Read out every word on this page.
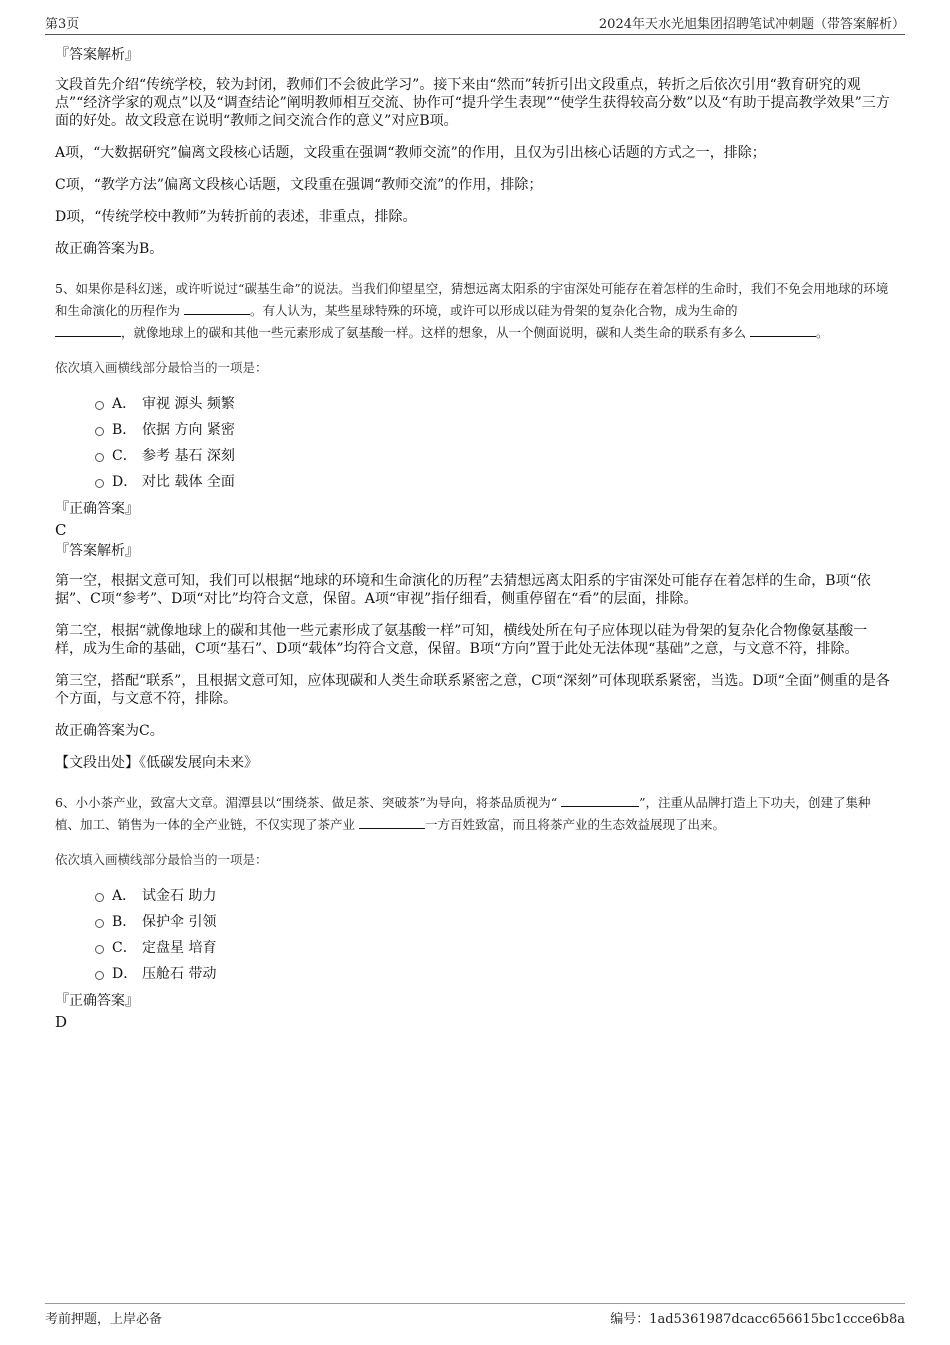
第3页	2024年天水光旭集团招聘笔试冲刺题（带答案解析）
『答案解析』
文段首先介绍“传统学校，较为封闭，教师们不会彼此学习”。接下来由“然而”转折引出文段重点，转折之后依次引用“教育研究的观点”“经济学家的观点”以及“调查结论”阐明教师相互交流、协作可“提升学生表现”“使学生获得较高分数”以及“有助于提高教学效果”三方面的好处。故文段意在说明“教师之间交流合作的意义”对应B项。
A项，“大数据研究”偏离文段核心话题，文段重在强调“教师交流”的作用，且仅为引出核心话题的方式之一，排除；
C项，“教学方法”偏离文段核心话题，文段重在强调“教师交流”的作用，排除；
D项，“传统学校中教师”为转折前的表述，非重点，排除。
故正确答案为B。
5、如果你是科幻迷，或许听说过“碳基生命”的说法。当我们仰望星空，猜想远离太阳系的宇宙深处可能存在着怎样的生命时，我们不免会用地球的环境和生命演化的历程作为	。有人认为，某些星球特殊的环境，或许可以形成以硅为骨架的复杂化合物，成为生命的
，就像地球上的碳和其他一些元素形成了氨基酸一样。这样的想象，从一个侧面说明，碳和人类生命的联系有多么	。
依次填入画横线部分最恰当的一项是：
A． 审视 源头 频繁
B． 依据 方向 紧密
C． 参考 基石 深刻
D． 对比 载体 全面
『正确答案』
C
『答案解析』
第一空，根据文意可知，我们可以根据“地球的环境和生命演化的历程”去猜想远离太阳系的宇宙深处可能存在着怎样的生命，B项“依据”、C项“参考”、D项“对比”均符合文意，保留。A项“审视”指仔细看，侧重停留在“看”的层面，排除。
第二空，根据“就像地球上的碳和其他一些元素形成了氨基酸一样”可知，横线处所在句子应体现以硅为骨架的复杂化合物像氨基酸一样，成为生命的基础，C项“基石”、D项“载体”均符合文意，保留。B项“方向”置于此处无法体现“基础”之意，与文意不符，排除。
第三空，搭配“联系”，且根据文意可知，应体现碳和人类生命联系紧密之意，C项“深刻”可体现联系紧密，当选。D项“全面”侧重的是各个方面，与文意不符，排除。
故正确答案为C。
【文段出处】《低碳发展向未来》
6、小小茶产业，致富大文章。湄潭县以“围绕茶、做足茶、突破茶”为导向，将茶品质视为“	”，注重从品牌打造上下功夫，创建了集种植、加工、销售为一体的全产业链，不仅实现了茶产业	一方百姓致富，而且将茶产业的生态效益展现了出来。
依次填入画横线部分最恰当的一项是：
A． 试金石 助力
B． 保护伞 引领
C． 定盘星 培育
D． 压舱石 带动
『正确答案』
D
考前押题，上岸必备	编号：1ad5361987dcacc656615bc1ccce6b8a
